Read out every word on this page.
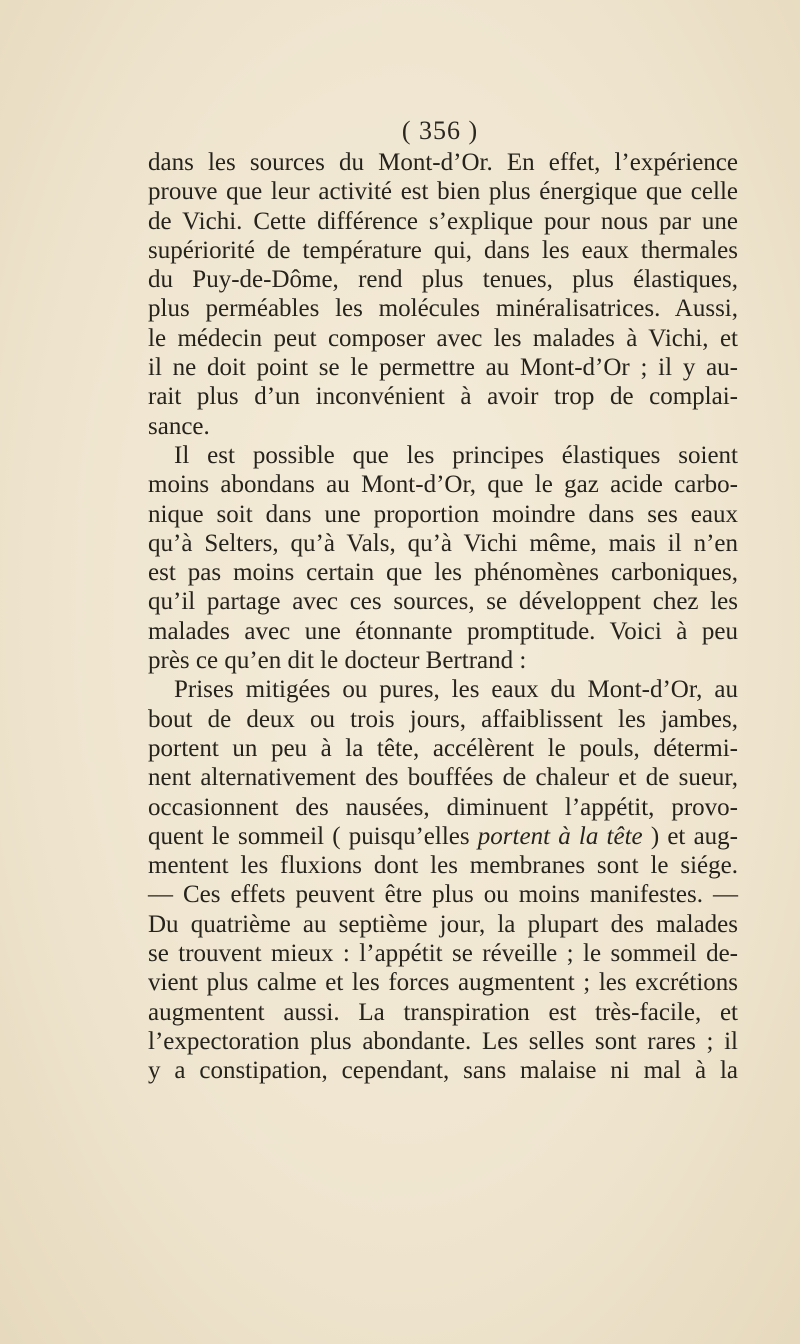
( 356 )
dans les sources du Mont-d’Or. En effet, l’expérience
prouve que leur activité est bien plus énergique que celle
de Vichi. Cette différence s’explique pour nous par une
supériorité de température qui, dans les eaux thermales
du Puy-de-Dôme, rend plus tenues, plus élastiques,
plus perméables les molécules minéralisatrices. Aussi,
le médecin peut composer avec les malades à Vichi, et
il ne doit point se le permettre au Mont-d’Or ; il y au-
rait plus d’un inconvénient à avoir trop de complai-
sance.
Il est possible que les principes élastiques soient
moins abondans au Mont-d’Or, que le gaz acide carbo-
nique soit dans une proportion moindre dans ses eaux
qu’à Selters, qu’à Vals, qu’à Vichi même, mais il n’en
est pas moins certain que les phénomènes carboniques,
qu’il partage avec ces sources, se développent chez les
malades avec une étonnante promptitude. Voici à peu
près ce qu’en dit le docteur Bertrand :
Prises mitigées ou pures, les eaux du Mont-d’Or, au
bout de deux ou trois jours, affaiblissent les jambes,
portent un peu à la tête, accélèrent le pouls, détermi-
nent alternativement des bouffées de chaleur et de sueur,
occasionnent des nausées, diminuent l’appétit, provo-
quent le sommeil ( puisqu’elles portent à la tête ) et aug-
mentent les fluxions dont les membranes sont le siége.
— Ces effets peuvent être plus ou moins manifestes. —
Du quatrième au septième jour, la plupart des malades
se trouvent mieux : l’appétit se réveille ; le sommeil de-
vient plus calme et les forces augmentent ; les excrétions
augmentent aussi. La transpiration est très-facile, et
l’expectoration plus abondante. Les selles sont rares ; il
y a constipation, cependant, sans malaise ni mal à la
